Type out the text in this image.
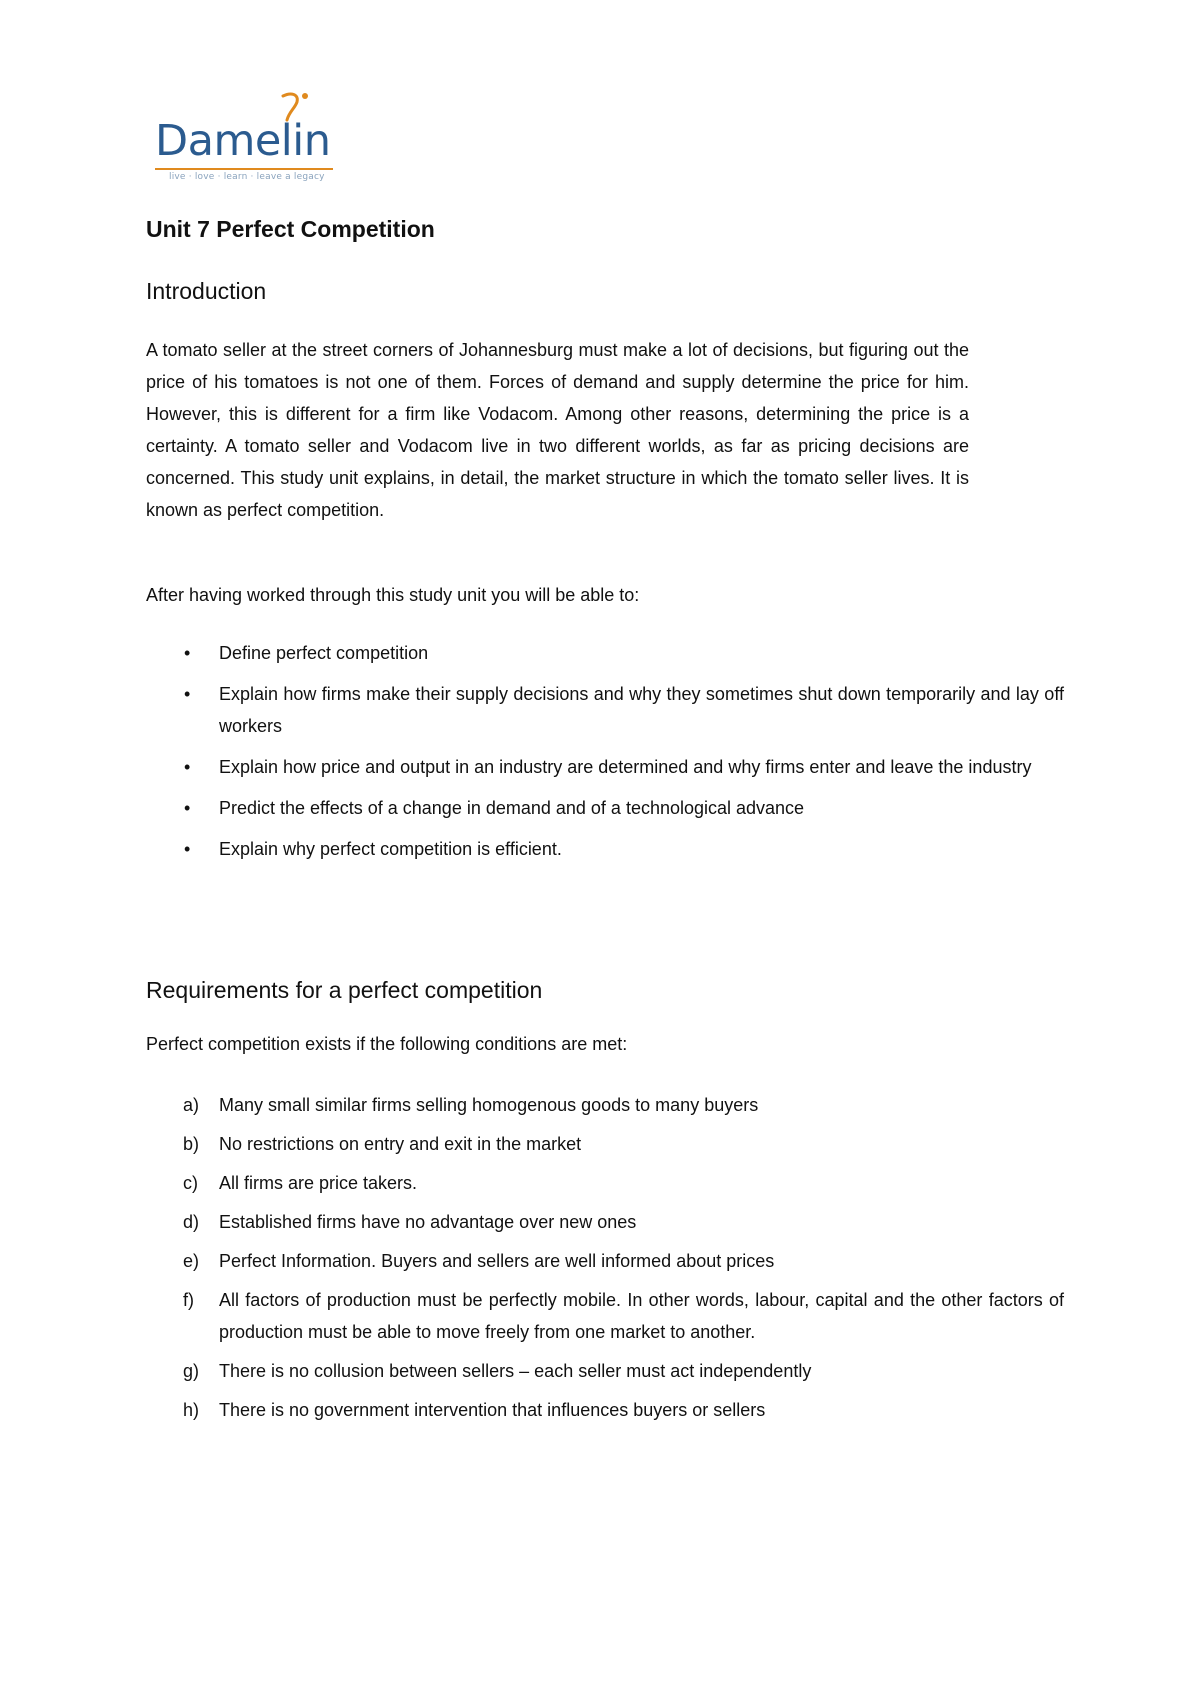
Damelin
live · love · learn · leave a legacy
Unit 7 Perfect Competition
Introduction

A tomato seller at the street corners of Johannesburg must make a lot of decisions, but figuring out the price of his tomatoes is not one of them. Forces of demand and supply determine the price for him. However, this is different for a firm like Vodacom. Among other reasons, determining the price is a certainty. A tomato seller and Vodacom live in two different worlds, as far as pricing decisions are concerned. This study unit explains, in detail, the market structure in which the tomato seller lives. It is known as perfect competition.

After having worked through this study unit you will be able to:

• Define perfect competition
• Explain how firms make their supply decisions and why they sometimes shut down temporarily and lay off workers
• Explain how price and output in an industry are determined and why firms enter and leave the industry
• Predict the effects of a change in demand and of a technological advance
• Explain why perfect competition is efficient.
Requirements for a perfect competition

Perfect competition exists if the following conditions are met:

a) Many small similar firms selling homogenous goods to many buyers
b) No restrictions on entry and exit in the market
c) All firms are price takers.
d) Established firms have no advantage over new ones
e) Perfect Information. Buyers and sellers are well informed about prices
f) All factors of production must be perfectly mobile. In other words, labour, capital and the other factors of production must be able to move freely from one market to another.
g) There is no collusion between sellers – each seller must act independently
h) There is no government intervention that influences buyers or sellers
